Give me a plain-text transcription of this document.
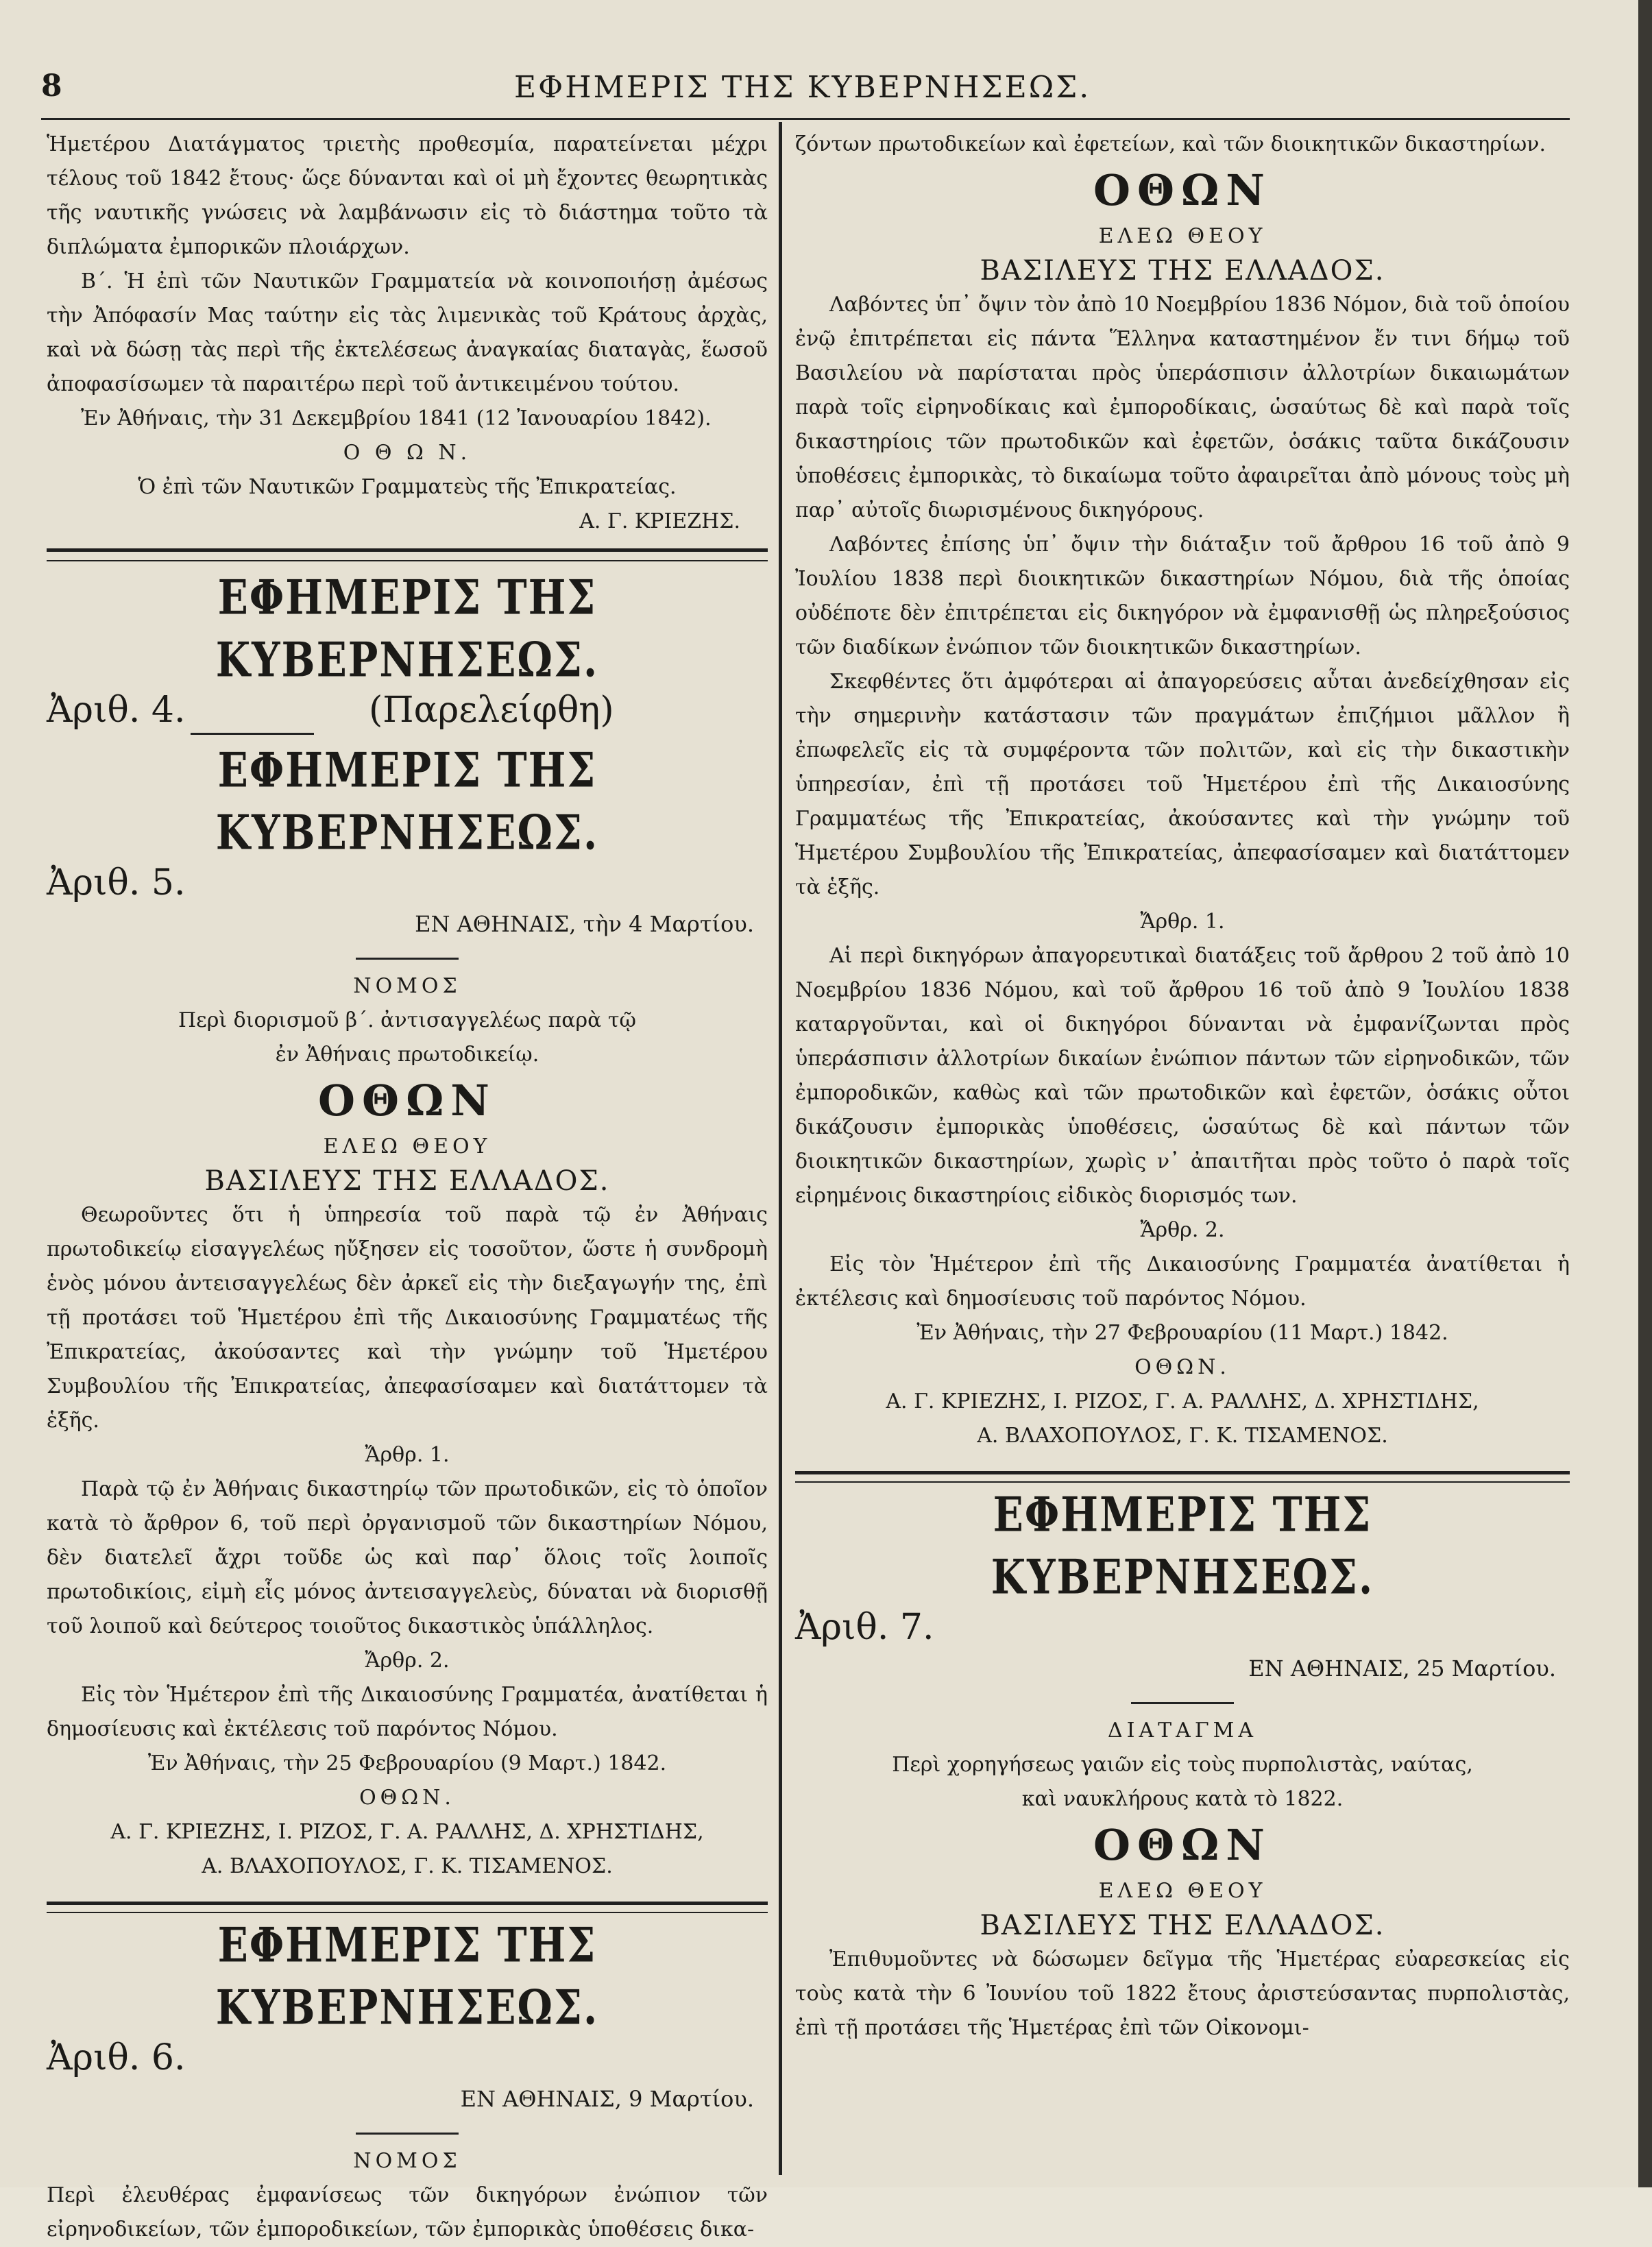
8	ΕΦΗΜΕΡΙΣ ΤΗΣ ΚΥΒΕΡΝΗΣΕΩΣ.

Ἡμετέρου Διατάγματος τριετὴς προθεσμία, παρατείνεται μέχρι τέλους τοῦ 1842 ἔτους· ὥςε δύνανται καὶ οἱ μὴ ἔχοντες θεωρητικὰς τῆς ναυτικῆς γνώσεις νὰ λαμβάνωσιν εἰς τὸ διάστημα τοῦτο τὰ διπλώματα ἐμπορικῶν πλοιάρχων.

Β΄. Ἡ ἐπὶ τῶν Ναυτικῶν Γραμματεία νὰ κοινοποιήσῃ ἀμέσως τὴν Ἀπόφασίν Μας ταύτην εἰς τὰς λιμενικὰς τοῦ Κράτους ἀρχὰς, καὶ νὰ δώσῃ τὰς περὶ τῆς ἐκτελέσεως ἀναγκαίας διαταγὰς, ἕωσοῦ ἀποφασίσωμεν τὰ παραιτέρω περὶ τοῦ ἀντικειμένου τούτου.

Ἐν Ἀθήναις, τὴν 31 Δεκεμβρίου 1841 (12 Ἰανουαρίου 1842).

Ο Θ Ω Ν.

Ὁ ἐπὶ τῶν Ναυτικῶν Γραμματεὺς τῆς Ἐπικρατείας.

Α. Γ. ΚΡΙΕΖΗΣ.

ΕΦΗΜΕΡΙΣ ΤΗΣ ΚΥΒΕΡΝΗΣΕΩΣ.
Ἀριθ. 4.	(Παρελείφθη)
ΕΦΗΜΕΡΙΣ ΤΗΣ ΚΥΒΕΡΝΗΣΕΩΣ.
Ἀριθ. 5.
ΕΝ ΑΘΗΝΑΙΣ, τὴν 4 Μαρτίου.

ΝΟΜΟΣ

Περὶ διορισμοῦ β΄. ἀντισαγγελέως παρὰ τῷ

ἐν Ἀθήναις πρωτοδικείῳ.

ΟΘΩΝ

ΕΛΕΩ ΘΕΟΥ

ΒΑΣΙΛΕΥΣ ΤΗΣ ΕΛΛΑΔΟΣ.

Θεωροῦντες ὅτι ἡ ὑπηρεσία τοῦ παρὰ τῷ ἐν Ἀθήναις πρωτοδικείῳ εἰσαγγελέως ηὔξησεν εἰς τοσοῦτον, ὥστε ἡ συνδρομὴ ἑνὸς μόνου ἀντεισαγγελέως δὲν ἀρκεῖ εἰς τὴν διεξαγωγήν της, ἐπὶ τῇ προτάσει τοῦ Ἡμετέρου ἐπὶ τῆς Δικαιοσύνης Γραμματέως τῆς Ἐπικρατείας, ἀκούσαντες καὶ τὴν γνώμην τοῦ Ἡμετέρου Συμβουλίου τῆς Ἐπικρατείας, ἀπεφασίσαμεν καὶ διατάττομεν τὰ ἑξῆς.

Ἄρθρ. 1.

Παρὰ τῷ ἐν Ἀθήναις δικαστηρίῳ τῶν πρωτοδικῶν, εἰς τὸ ὁποῖον κατὰ τὸ ἄρθρον 6, τοῦ περὶ ὀργανισμοῦ τῶν δικαστηρίων Νόμου, δὲν διατελεῖ ἄχρι τοῦδε ὡς καὶ παρ᾽ ὅλοις τοῖς λοιποῖς πρωτοδικίοις, εἰμὴ εἷς μόνος ἀντεισαγγελεὺς, δύναται νὰ διορισθῇ τοῦ λοιποῦ καὶ δεύτερος τοιοῦτος δικαστικὸς ὑπάλληλος.

Ἄρθρ. 2.

Εἰς τὸν Ἡμέτερον ἐπὶ τῆς Δικαιοσύνης Γραμματέα, ἀνατίθεται ἡ δημοσίευσις καὶ ἐκτέλεσις τοῦ παρόντος Νόμου.

Ἐν Ἀθήναις, τὴν 25 Φεβρουαρίου (9 Μαρτ.) 1842.

ΟΘΩΝ.

Α. Γ. ΚΡΙΕΖΗΣ, Ι. ΡΙΖΟΣ, Γ. Α. ΡΑΛΛΗΣ, Δ. ΧΡΗΣΤΙΔΗΣ,

Α. ΒΛΑΧΟΠΟΥΛΟΣ, Γ. Κ. ΤΙΣΑΜΕΝΟΣ.

ΕΦΗΜΕΡΙΣ ΤΗΣ ΚΥΒΕΡΝΗΣΕΩΣ.
Ἀριθ. 6.
ΕΝ ΑΘΗΝΑΙΣ, 9 Μαρτίου.

ΝΟΜΟΣ

Περὶ ἐλευθέρας ἐμφανίσεως τῶν δικηγόρων ἐνώπιον τῶν εἰρηνοδικείων, τῶν ἐμποροδικείων, τῶν ἐμπορικὰς ὑποθέσεις δικα-

ζόντων πρωτοδικείων καὶ ἐφετείων, καὶ τῶν διοικητικῶν δικαστηρίων.

ΟΘΩΝ

ΕΛΕΩ ΘΕΟΥ

ΒΑΣΙΛΕΥΣ ΤΗΣ ΕΛΛΑΔΟΣ.

Λαβόντες ὑπ᾽ ὄψιν τὸν ἀπὸ 10 Νοεμβρίου 1836 Νόμον, διὰ τοῦ ὁποίου ἐνῷ ἐπιτρέπεται εἰς πάντα Ἕλληνα καταστημένον ἔν τινι δήμῳ τοῦ Βασιλείου νὰ παρίσταται πρὸς ὑπεράσπισιν ἀλλοτρίων δικαιωμάτων παρὰ τοῖς εἰρηνοδίκαις καὶ ἐμποροδίκαις, ὡσαύτως δὲ καὶ παρὰ τοῖς δικαστηρίοις τῶν πρωτοδικῶν καὶ ἐφετῶν, ὁσάκις ταῦτα δικάζουσιν ὑποθέσεις ἐμπορικὰς, τὸ δικαίωμα τοῦτο ἀφαιρεῖται ἀπὸ μόνους τοὺς μὴ παρ᾽ αὐτοῖς διωρισμένους δικηγόρους.

Λαβόντες ἐπίσης ὑπ᾽ ὄψιν τὴν διάταξιν τοῦ ἄρθρου 16 τοῦ ἀπὸ 9 Ἰουλίου 1838 περὶ διοικητικῶν δικαστηρίων Νόμου, διὰ τῆς ὁποίας οὐδέποτε δὲν ἐπιτρέπεται εἰς δικηγόρον νὰ ἐμφανισθῇ ὡς πληρεξούσιος τῶν διαδίκων ἐνώπιον τῶν διοικητικῶν δικαστηρίων.

Σκεφθέντες ὅτι ἀμφότεραι αἱ ἀπαγορεύσεις αὗται ἀνεδείχθησαν εἰς τὴν σημερινὴν κατάστασιν τῶν πραγμάτων ἐπιζήμιοι μᾶλλον ἢ ἐπωφελεῖς εἰς τὰ συμφέροντα τῶν πολιτῶν, καὶ εἰς τὴν δικαστικὴν ὑπηρεσίαν, ἐπὶ τῇ προτάσει τοῦ Ἡμετέρου ἐπὶ τῆς Δικαιοσύνης Γραμματέως τῆς Ἐπικρατείας, ἀκούσαντες καὶ τὴν γνώμην τοῦ Ἡμετέρου Συμβουλίου τῆς Ἐπικρατείας, ἀπεφασίσαμεν καὶ διατάττομεν τὰ ἑξῆς.

Ἄρθρ. 1.

Αἱ περὶ δικηγόρων ἀπαγορευτικαὶ διατάξεις τοῦ ἄρθρου 2 τοῦ ἀπὸ 10 Νοεμβρίου 1836 Νόμου, καὶ τοῦ ἄρθρου 16 τοῦ ἀπὸ 9 Ἰουλίου 1838 καταργοῦνται, καὶ οἱ δικηγόροι δύνανται νὰ ἐμφανίζωνται πρὸς ὑπεράσπισιν ἀλλοτρίων δικαίων ἐνώπιον πάντων τῶν εἰρηνοδικῶν, τῶν ἐμποροδικῶν, καθὼς καὶ τῶν πρωτοδικῶν καὶ ἐφετῶν, ὁσάκις οὗτοι δικάζουσιν ἐμπορικὰς ὑποθέσεις, ὡσαύτως δὲ καὶ πάντων τῶν διοικητικῶν δικαστηρίων, χωρὶς ν᾽ ἀπαιτῆται πρὸς τοῦτο ὁ παρὰ τοῖς εἰρημένοις δικαστηρίοις εἰδικὸς διορισμός των.

Ἄρθρ. 2.

Εἰς τὸν Ἡμέτερον ἐπὶ τῆς Δικαιοσύνης Γραμματέα ἀνατίθεται ἡ ἐκτέλεσις καὶ δημοσίευσις τοῦ παρόντος Νόμου.

Ἐν Ἀθήναις, τὴν 27 Φεβρουαρίου (11 Μαρτ.) 1842.

ΟΘΩΝ.

Α. Γ. ΚΡΙΕΖΗΣ, Ι. ΡΙΖΟΣ, Γ. Α. ΡΑΛΛΗΣ, Δ. ΧΡΗΣΤΙΔΗΣ,

Α. ΒΛΑΧΟΠΟΥΛΟΣ, Γ. Κ. ΤΙΣΑΜΕΝΟΣ.

ΕΦΗΜΕΡΙΣ ΤΗΣ ΚΥΒΕΡΝΗΣΕΩΣ.
Ἀριθ. 7.
ΕΝ ΑΘΗΝΑΙΣ, 25 Μαρτίου.

ΔΙΑΤΑΓΜΑ

Περὶ χορηγήσεως γαιῶν εἰς τοὺς πυρπολιστὰς, ναύτας,

καὶ ναυκλήρους κατὰ τὸ 1822.

ΟΘΩΝ

ΕΛΕΩ ΘΕΟΥ

ΒΑΣΙΛΕΥΣ ΤΗΣ ΕΛΛΑΔΟΣ.

Ἐπιθυμοῦντες νὰ δώσωμεν δεῖγμα τῆς Ἡμετέρας εὐαρεσκείας εἰς τοὺς κατὰ τὴν 6 Ἰουνίου τοῦ 1822 ἔτους ἀριστεύσαντας πυρπολιστὰς, ἐπὶ τῇ προτάσει τῆς Ἡμετέρας ἐπὶ τῶν Οἰκονομι-
